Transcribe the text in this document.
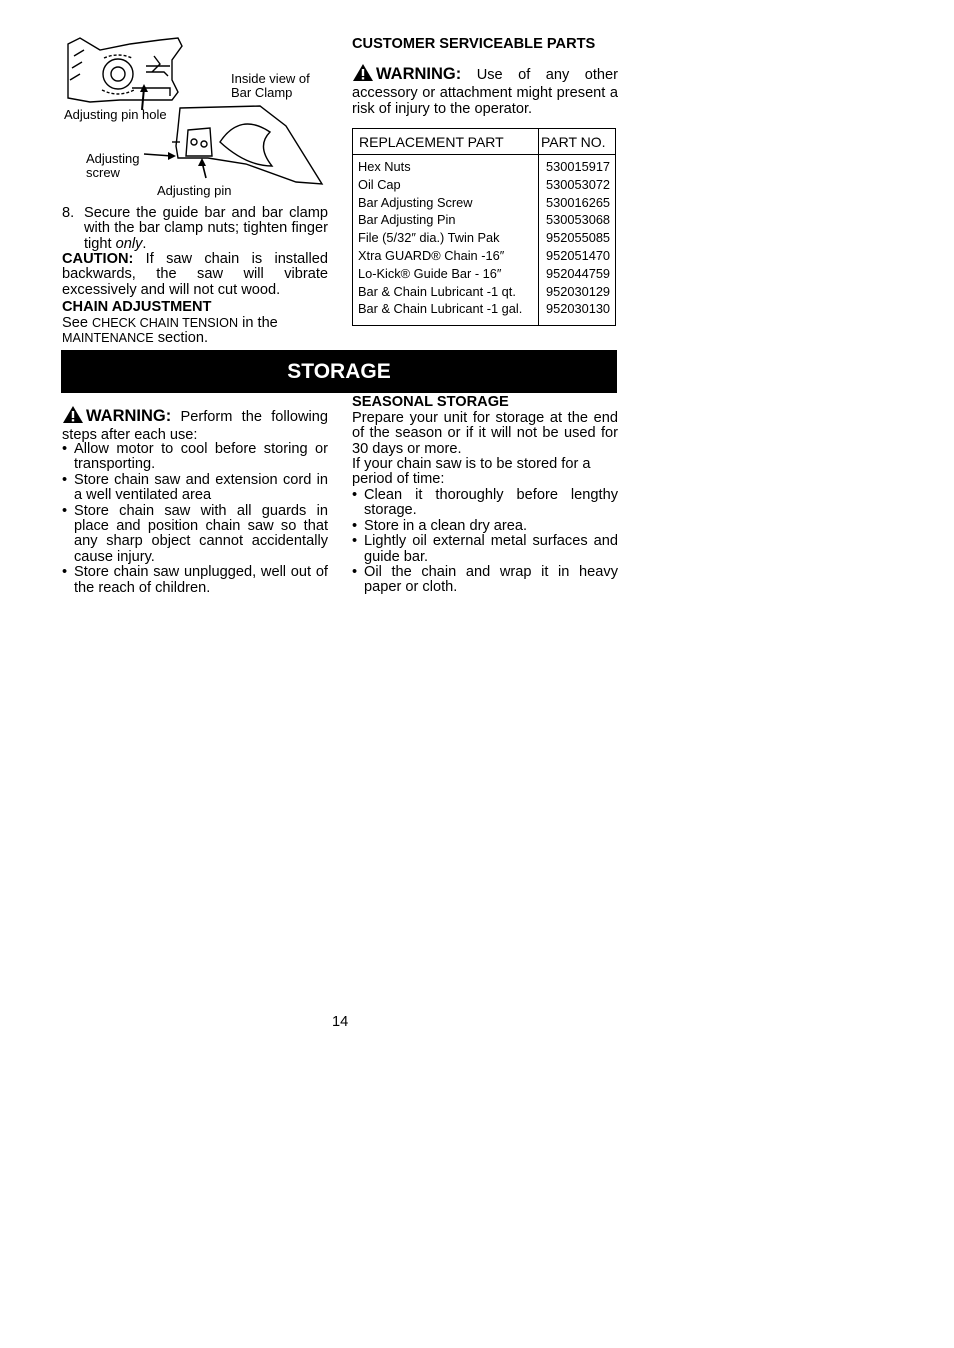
Inside view of Bar Clamp
Adjusting pin hole
Adjusting screw
Adjusting pin
8. Secure the guide bar and bar clamp with the bar clamp nuts; tighten finger tight only.
CAUTION: If saw chain is installed backwards, the saw will vibrate excessively and will not cut wood.
CHAIN ADJUSTMENT
See CHECK CHAIN TENSION in the MAINTENANCE section.
CUSTOMER SERVICEABLE PARTS
WARNING: Use of any other accessory or attachment might present a risk of injury to the operator.
REPLACEMENT PART	PART NO.
Hex Nuts	530015917
Oil Cap	530053072
Bar Adjusting Screw	530016265
Bar Adjusting Pin	530053068
File (5/32″ dia.) Twin Pak	952055085
Xtra GUARD® Chain -16″	952051470
Lo-Kick® Guide Bar - 16″	952044759
Bar & Chain Lubricant -1 qt. 952030129
Bar & Chain Lubricant -1 gal. 952030130
STORAGE
WARNING: Perform the following steps after each use:
• Allow motor to cool before storing or transporting.
• Store chain saw and extension cord in a well ventilated area
• Store chain saw with all guards in place and position chain saw so that any sharp object cannot accidentally cause injury.
• Store chain saw unplugged, well out of the reach of children.
SEASONAL STORAGE
Prepare your unit for storage at the end of the season or if it will not be used for 30 days or more.
If your chain saw is to be stored for a period of time:
• Clean it thoroughly before lengthy storage.
• Store in a clean dry area.
• Lightly oil external metal surfaces and guide bar.
• Oil the chain and wrap it in heavy paper or cloth.
14
